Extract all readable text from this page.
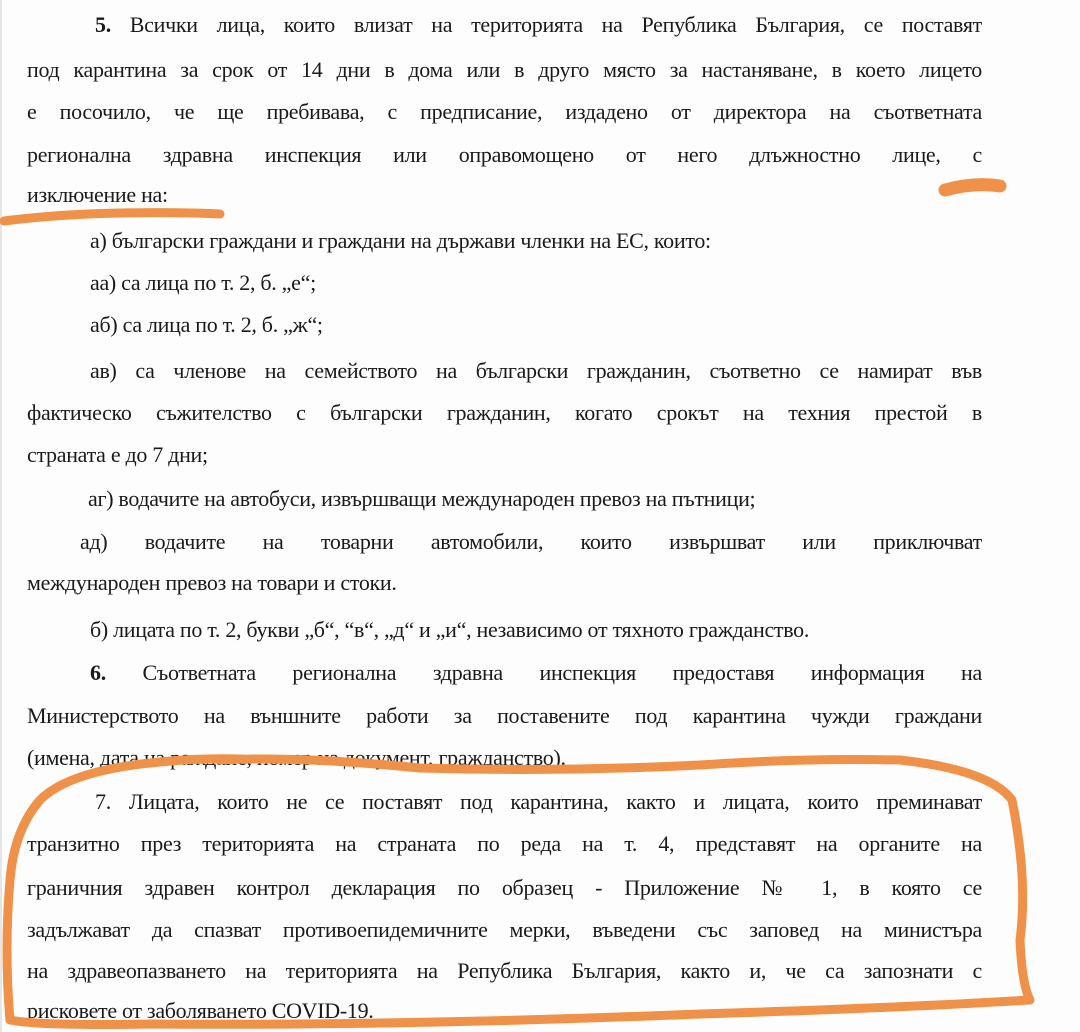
5. Всички лица, които влизат на територията на Република България, се поставят
под карантина за срок от 14 дни в дома или в друго място за настаняване, в което лицето
е посочило, че ще пребивава, с предписание, издадено от директора на съответната
регионална здравна инспекция или оправомощено от него длъжностно лице, с
изключение на:
а) български граждани и граждани на държави членки на ЕС, които:
аа) са лица по т. 2, б. „е“;
аб) са лица по т. 2, б. „ж“;
ав) са членове на семейството на български гражданин, съответно се намират във
фактическо съжителство с български гражданин, когато срокът на техния престой в
страната е до 7 дни;
аг) водачите на автобуси, извършващи международен превоз на пътници;
ад) водачите на товарни автомобили, които извършват или приключват
международен превоз на товари и стоки.
б) лицата по т. 2, букви „б“, “в“, „д“ и „и“, независимо от тяхното гражданство.
6. Съответната регионална здравна инспекция предоставя информация на
Министерството на външните работи за поставените под карантина чужди граждани
(имена, дата на раждане, номер на документ, гражданство).
7. Лицата, които не се поставят под карантина, както и лицата, които преминават
транзитно през територията на страната по реда на т. 4, представят на органите на
граничния здравен контрол декларация по образец - Приложение № 1, в която се
задължават да спазват противоепидемичните мерки, въведени със заповед на министъра
на здравеопазването на територията на Република България, както и, че са запознати с
рисковете от заболяването COVID-19.
